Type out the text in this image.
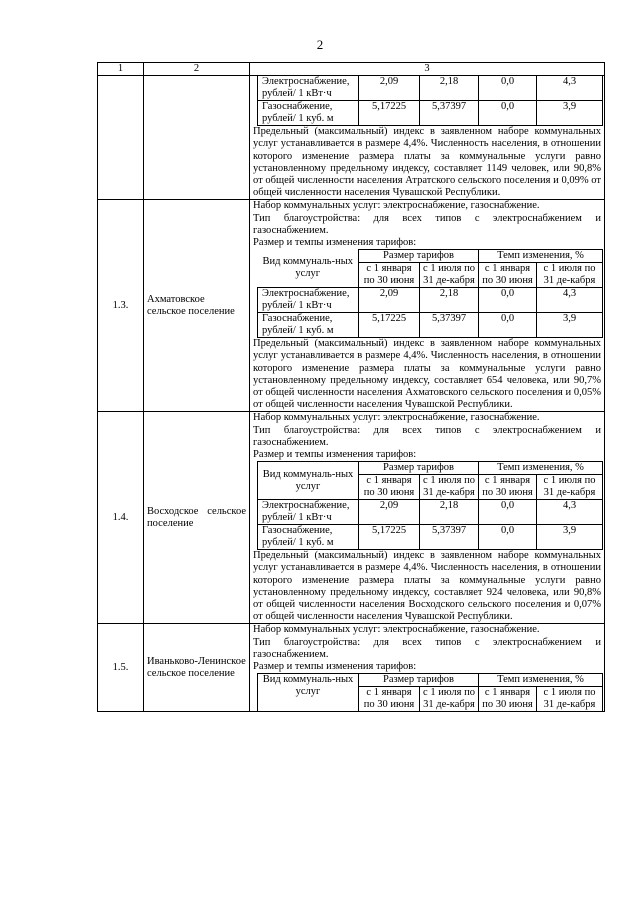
2
1	2	3

Электроснабжение, рублей/ 1 кВт·ч	2,09	2,18	0,0	4,3
Газоснабжение, рублей/ 1 куб. м	5,17225	5,37397	0,0	3,9
Предельный (максимальный) индекс в заявленном наборе коммунальных услуг устанавливается в размере 4,4%. Численность населения, в отношении которого изменение размера платы за коммунальные услуги равно установленному предельному индексу, составляет 1149 человек, или 90,8% от общей численности населения Атратского сельского поселения и 0,09% от общей численности населения Чувашской Республики.

1.3.	Ахматовское сельское поселение	
Набор коммунальных услуг: электроснабжение, газоснабжение.
Тип благоустройства: для всех типов с электроснабжением и газоснабжением.
Размер и темпы изменения тарифов:
Вид коммуналь-ных услуг	Размер тарифов	Темп изменения, %
с 1 января по 30 июня	с 1 июля по 31 де-кабря	с 1 января по 30 июня	с 1 июля по 31 де-кабря
Электроснабжение, рублей/ 1 кВт·ч	2,09	2,18	0,0	4,3
Газоснабжение, рублей/ 1 куб. м	5,17225	5,37397	0,0	3,9
Предельный (максимальный) индекс в заявленном наборе коммунальных услуг устанавливается в размере 4,4%. Численность населения, в отношении которого изменение размера платы за коммунальные услуги равно установленному предельному индексу, составляет 654 человека, или 90,7% от общей численности населения Ахматовского сельского поселения и 0,05% от общей численности населения Чувашской Республики.

1.4.	Восходское сельское поселение	
Набор коммунальных услуг: электроснабжение, газоснабжение.
Тип благоустройства: для всех типов с электроснабжением и газоснабжением.
Размер и темпы изменения тарифов:
Вид коммуналь-ных услуг	Размер тарифов	Темп изменения, %
с 1 января по 30 июня	с 1 июля по 31 де-кабря	с 1 января по 30 июня	с 1 июля по 31 де-кабря
Электроснабжение, рублей/ 1 кВт·ч	2,09	2,18	0,0	4,3
Газоснабжение, рублей/ 1 куб. м	5,17225	5,37397	0,0	3,9
Предельный (максимальный) индекс в заявленном наборе коммунальных услуг устанавливается в размере 4,4%. Численность населения, в отношении которого изменение размера платы за коммунальные услуги равно установленному предельному индексу, составляет 924 человека, или 90,8% от общей численности населения Восходского сельского поселения и 0,07% от общей численности населения Чувашской Республики.

1.5.	Иваньково-Ленинское сельское поселение	
Набор коммунальных услуг: электроснабжение, газоснабжение.
Тип благоустройства: для всех типов с электроснабжением и газоснабжением.
Размер и темпы изменения тарифов:
Вид коммуналь-ных услуг	Размер тарифов	Темп изменения, %
с 1 января по 30 июня	с 1 июля по 31 де-кабря	с 1 января по 30 июня	с 1 июля по 31 де-кабря
